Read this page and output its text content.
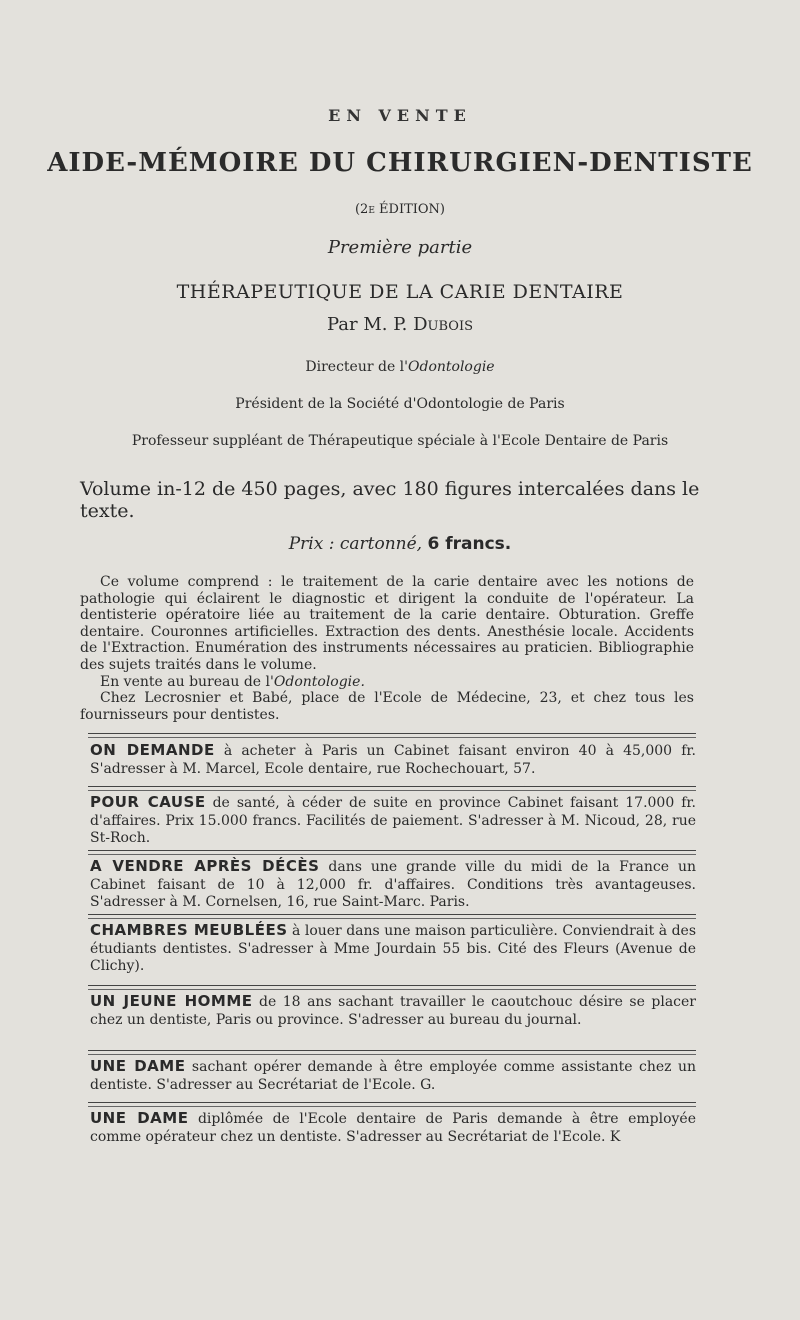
EN VENTE
AIDE-MÉMOIRE DU CHIRURGIEN-DENTISTE
(2e ÉDITION)
Première partie
THÉRAPEUTIQUE DE LA CARIE DENTAIRE
Par M. P. Dubois
Directeur de l'Odontologie
Président de la Société d'Odontologie de Paris
Professeur suppléant de Thérapeutique spéciale à l'Ecole Dentaire de Paris
Volume in-12 de 450 pages, avec 180 figures intercalées dans le texte.
Prix : cartonné, 6 francs.

Ce volume comprend : le traitement de la carie dentaire avec les notions de pathologie qui éclairent le diagnostic et dirigent la conduite de l'opérateur. La dentisterie opératoire liée au traitement de la carie dentaire. Obturation. Greffe dentaire. Couronnes artificielles. Extraction des dents. Anesthésie locale. Accidents de l'Extraction. Enumération des instruments nécessaires au praticien. Bibliographie des sujets traités dans le volume.

En vente au bureau de l'Odontologie.

Chez Lecrosnier et Babé, place de l'Ecole de Médecine, 23, et chez tous les fournisseurs pour dentistes.

ON DEMANDE à acheter à Paris un Cabinet faisant environ 40 à 45,000 fr. S'adresser à M. Marcel, Ecole dentaire, rue Rochechouart, 57.

POUR CAUSE de santé, à céder de suite en province Cabinet faisant 17.000 fr. d'affaires. Prix 15.000 francs. Facilités de paiement. S'adresser à M. Nicoud, 28, rue St-Roch.

A VENDRE APRÈS DÉCÈS dans une grande ville du midi de la France un Cabinet faisant de 10 à 12,000 fr. d'affaires. Conditions très avantageuses. S'adresser à M. Cornelsen, 16, rue Saint-Marc. Paris.

CHAMBRES MEUBLÉES à louer dans une maison particulière. Conviendrait à des étudiants dentistes. S'adresser à Mme Jourdain 55 bis. Cité des Fleurs (Avenue de Clichy).

UN JEUNE HOMME de 18 ans sachant travailler le caoutchouc désire se placer chez un dentiste, Paris ou province. S'adresser au bureau du journal.

UNE DAME sachant opérer demande à être employée comme assistante chez un dentiste. S'adresser au Secrétariat de l'Ecole. G.

UNE DAME diplômée de l'Ecole dentaire de Paris demande à être employée comme opérateur chez un dentiste. S'adresser au Secrétariat de l'Ecole. K
